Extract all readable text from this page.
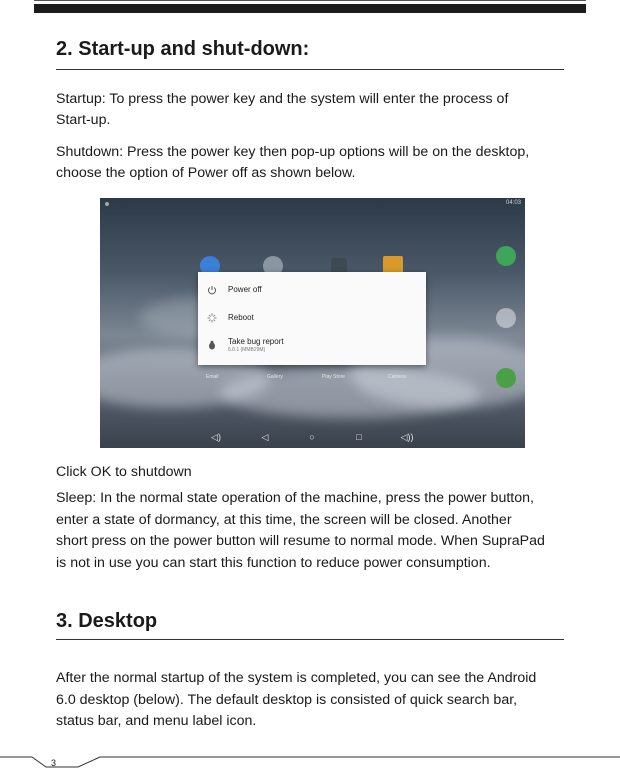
2. Start-up and shut-down:

Startup: To press the power key and the system will enter the process of
Start-up.

Shutdown: Press the power key then pop-up options will be on the desktop,
choose the option of Power off as shown below.

04:03
Email	Gallery	Play Store	Camera
Power off
Reboot
Take bug report
6.0.1 (MMB29M)
◁)	◁	○	□	◁))

Click OK to shutdown

Sleep: In the normal state operation of the machine, press the power button,
enter a state of dormancy, at this time, the screen will be closed. Another
short press on the power button will resume to normal mode. When SupraPad
is not in use you can start this function to reduce power consumption.

3. Desktop

After the normal startup of the system is completed, you can see the Android
6.0 desktop (below). The default desktop is consisted of quick search bar,
status bar, and menu label icon.

3
